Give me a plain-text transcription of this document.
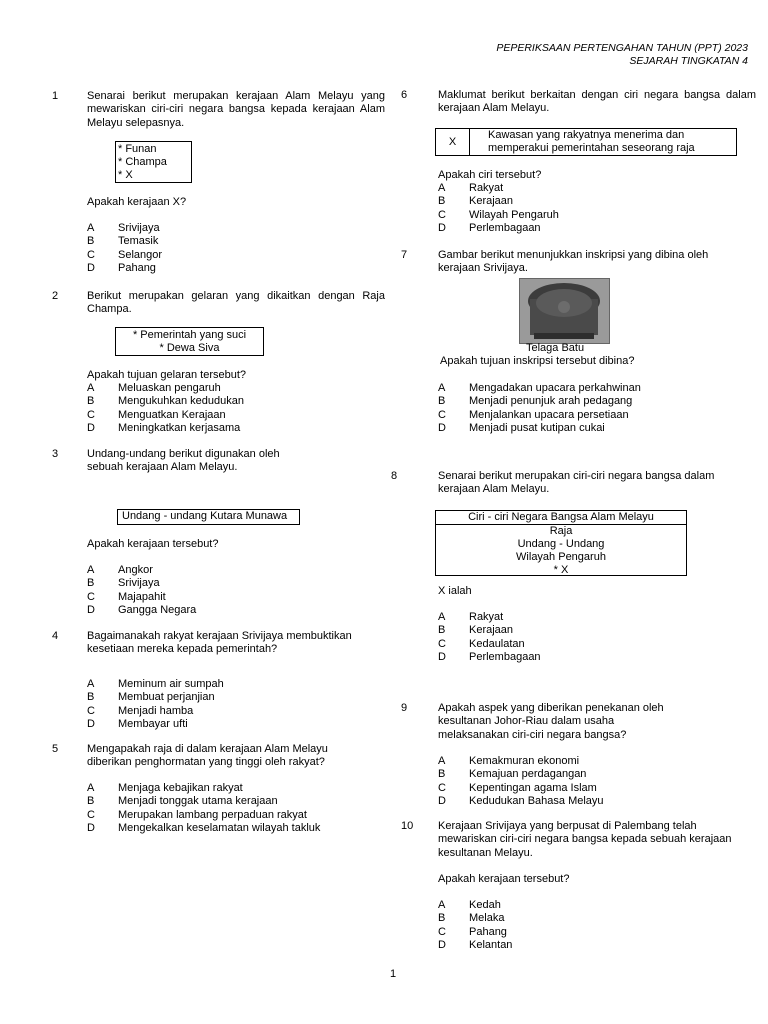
PEPERIKSAAN PERTENGAHAN TAHUN (PPT) 2023
SEJARAH TINGKATAN 4
1	Senarai berikut merupakan kerajaan Alam Melayu yang mewariskan ciri-ciri negara bangsa kepada kerajaan Alam Melayu selepasnya.
* Funan
* Champa
* X
Apakah kerajaan X?
A Srivijaya
B Temasik
C Selangor
D Pahang
2	Berikut merupakan gelaran yang dikaitkan dengan Raja Champa.
* Pemerintah yang suci
* Dewa Siva
Apakah tujuan gelaran tersebut?
A Meluaskan pengaruh
B Mengukuhkan kedudukan
C Menguatkan Kerajaan
D Meningkatkan kerjasama
3	Undang-undang berikut digunakan oleh sebuah kerajaan Alam Melayu.
Undang - undang Kutara Munawa
Apakah kerajaan tersebut?
A Angkor
B Srivijaya
C Majapahit
D Gangga Negara
4	Bagaimanakah rakyat kerajaan Srivijaya membuktikan kesetiaan mereka kepada pemerintah?
A Meminum air sumpah
B Membuat perjanjian
C Menjadi hamba
D Membayar ufti
5	Mengapakah raja di dalam kerajaan Alam Melayu diberikan penghormatan yang tinggi oleh rakyat?
A Menjaga kebajikan rakyat
B Menjadi tonggak utama kerajaan
C Merupakan lambang perpaduan rakyat
D Mengekalkan keselamatan wilayah takluk
6	Maklumat berikut berkaitan dengan ciri negara bangsa dalam kerajaan Alam Melayu.
X
Kawasan yang rakyatnya menerima dan memperakui pemerintahan seseorang raja
Apakah ciri tersebut?
A Rakyat
B Kerajaan
C Wilayah Pengaruh
D Perlembagaan
7	Gambar berikut menunjukkan inskripsi yang dibina oleh kerajaan Srivijaya.
Telaga Batu
Apakah tujuan inskripsi tersebut dibina?
A Mengadakan upacara perkahwinan
B Menjadi penunjuk arah pedagang
C Menjalankan upacara persetiaan
D Menjadi pusat kutipan cukai
8	Senarai berikut merupakan ciri-ciri negara bangsa dalam kerajaan Alam Melayu.
Ciri - ciri Negara Bangsa Alam Melayu
Raja
Undang - Undang
Wilayah Pengaruh
* X
X ialah
A Rakyat
B Kerajaan
C Kedaulatan
D Perlembagaan
9	Apakah aspek yang diberikan penekanan oleh kesultanan Johor-Riau dalam usaha melaksanakan ciri-ciri negara bangsa?
A Kemakmuran ekonomi
B Kemajuan perdagangan
C Kepentingan agama Islam
D Kedudukan Bahasa Melayu
10 Kerajaan Srivijaya yang berpusat di Palembang telah mewariskan ciri-ciri negara bangsa kepada sebuah kerajaan kesultanan Melayu.
Apakah kerajaan tersebut?
A Kedah
B Melaka
C Pahang
D Kelantan
1
